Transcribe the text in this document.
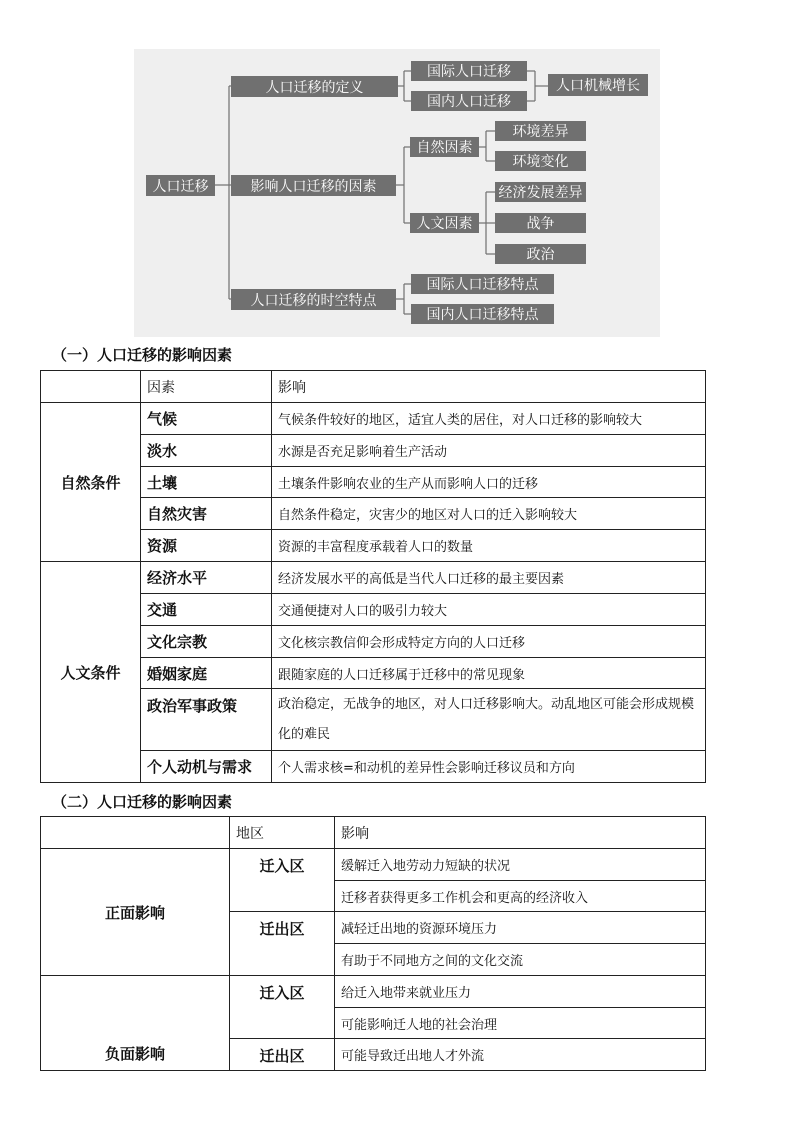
人口迁移
人口迁移的定义
国际人口迁移
国内人口迁移
人口机械增长
影响人口迁移的因素
自然因素
环境差异
环境变化
人文因素
经济发展差异
战争
政治
人口迁移的时空特点
国际人口迁移特点
国内人口迁移特点
（一）人口迁移的影响因素
	因素	影响
自然条件	气候	气候条件较好的地区，适宜人类的居住，对人口迁移的影响较大
	淡水	水源是否充足影响着生产活动
	土壤	土壤条件影响农业的生产从而影响人口的迁移
	自然灾害	自然条件稳定，灾害少的地区对人口的迁入影响较大
	资源	资源的丰富程度承载着人口的数量
人文条件	经济水平	经济发展水平的高低是当代人口迁移的最主要因素
	交通	交通便捷对人口的吸引力较大
	文化宗教	文化核宗教信仰会形成特定方向的人口迁移
	婚姻家庭	跟随家庭的人口迁移属于迁移中的常见现象
	政治军事政策	政治稳定，无战争的地区，对人口迁移影响大。动乱地区可能会形成规模化的难民
	个人动机与需求	个人需求核=和动机的差异性会影响迁移议员和方向
（二）人口迁移的影响因素
	地区	影响
正面影响	迁入区	缓解迁入地劳动力短缺的状况
		迁移者获得更多工作机会和更高的经济收入
	迁出区	减轻迁出地的资源环境压力
		有助于不同地方之间的文化交流
负面影响	迁入区	给迁入地带来就业压力
		可能影响迁人地的社会治理
	迁出区	可能导致迁出地人才外流
